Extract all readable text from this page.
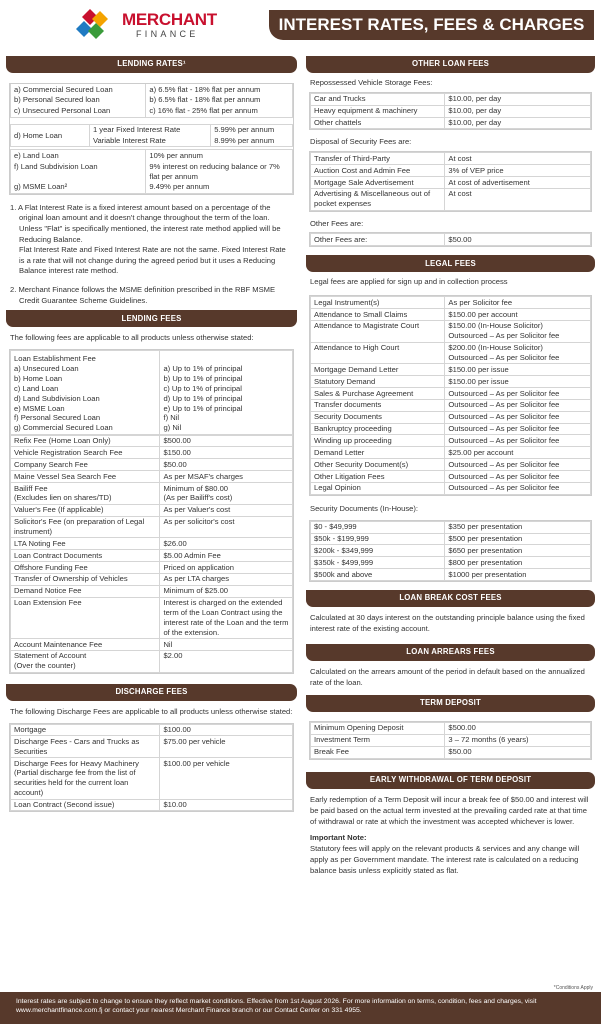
MERCHANT
FINANCE
INTEREST RATES, FEES & CHARGES
LENDING RATES¹
a) Commercial Secured Loan	a) 6.5% flat - 18% flat per annum
b) Personal Secured loan	b) 6.5% flat - 18% flat per annum
c) Unsecured Personal Loan	c) 16% flat - 25% flat per annum
d) Home Loan	1 year Fixed Interest Rate	5.99% per annum
	Variable Interest Rate	8.99% per annum
e) Land Loan	10% per annum
f) Land Subdivision Loan	9% interest on reducing balance or 7% flat per annum
g) MSME Loan²	9.49% per annum
1. A Flat Interest Rate is a fixed interest amount based on a percentage of the original loan amount and it doesn't change throughout the term of the loan. Unless "Flat" is specifically mentioned, the interest rate method applied will be Reducing Balance.
Flat Interest Rate and Fixed Interest Rate are not the same. Fixed Interest Rate is a rate that will not change during the agreed period but it uses a Reducing Balance interest rate method.
2. Merchant Finance follows the MSME definition prescribed in the RBF MSME Credit Guarantee Scheme Guidelines.
LENDING FEES
The following fees are applicable to all products unless otherwise stated:
Loan Establishment Fee
a) Unsecured Loan
b) Home Loan
c) Land Loan
d) Land Subdivision Loan
e) MSME Loan
f) Personal Secured Loan
g) Commercial Secured Loan

a) Up to 1% of principal
b) Up to 1% of principal
c) Up to 1% of principal
d) Up to 1% of principal
e) Up to 1% of principal
f) Nil
g) Nil
Refix Fee (Home Loan Only)	$500.00
Vehicle Registration Search Fee	$150.00
Company Search Fee	$50.00
Maine Vessel Sea Search Fee	As per MSAF's charges
Bailiff Fee
(Excludes lien on shares/TD)	Minimum of $80.00
(As per Bailiff's cost)
Valuer's Fee (If applicable)	As per Valuer's cost
Solicitor's Fee (on preparation of Legal instrument)	As per solicitor's cost
LTA Noting Fee	$26.00
Loan Contract Documents	$5.00 Admin Fee
Offshore Funding Fee	Priced on application
Transfer of Ownership of Vehicles	As per LTA charges
Demand Notice Fee	Minimum of $25.00
Loan Extension Fee	Interest is charged on the extended term of the Loan Contract using the interest rate of the Loan and the term of the extension.
Account Maintenance Fee	Nil
Statement of Account
(Over the counter)	$2.00
DISCHARGE FEES
The following Discharge Fees are applicable to all products unless otherwise stated:
Mortgage	$100.00
Discharge Fees - Cars and Trucks as Securities	$75.00 per vehicle
Discharge Fees for Heavy Machinery (Partial discharge fee from the list of securities held for the current loan account)	$100.00 per vehicle
Loan Contract (Second issue)	$10.00
OTHER LOAN FEES
Repossessed Vehicle Storage Fees:
Car and Trucks	$10.00, per day
Heavy equipment & machinery	$10.00, per day
Other chattels	$10.00, per day
Disposal of Security Fees are:
Transfer of Third-Party	At cost
Auction Cost and Admin Fee	3% of VEP price
Mortgage Sale Advertisement	At cost of advertisement
Advertising & Miscellaneous out of pocket expenses	At cost
Other Fees are:
Other Fees are:	$50.00
LEGAL FEES
Legal fees are applied for sign up and in collection process
Legal Instrument(s)	As per Solicitor fee
Attendance to Small Claims	$150.00 per account
Attendance to Magistrate Court	$150.00 (In-House Solicitor)
Outsourced – As per Solicitor fee
Attendance to High Court	$200.00 (In-House Solicitor)
Outsourced – As per Solicitor fee
Mortgage Demand Letter	$150.00 per issue
Statutory Demand	$150.00 per issue
Sales & Purchase Agreement	Outsourced – As per Solicitor fee
Transfer documents	Outsourced – As per Solicitor fee
Security Documents	Outsourced – As per Solicitor fee
Bankruptcy proceeding	Outsourced – As per Solicitor fee
Winding up proceeding	Outsourced – As per Solicitor fee
Demand Letter	$25.00 per account
Other Security Document(s)	Outsourced – As per Solicitor fee
Other Litigation Fees	Outsourced – As per Solicitor fee
Legal Opinion	Outsourced – As per Solicitor fee
Security Documents (In-House):
$0 - $49,999	$350 per presentation
$50k - $199,999	$500 per presentation
$200k - $349,999	$650 per presentation
$350k - $499,999	$800 per presentation
$500k and above	$1000 per presentation
LOAN BREAK COST FEES
Calculated at 30 days interest on the outstanding principle balance using the fixed interest rate of the existing account.
LOAN ARREARS FEES
Calculated on the arrears amount of the period in default based on the annualized rate of the loan.
TERM DEPOSIT
Minimum Opening Deposit	$500.00
Investment Term	3 – 72 months (6 years)
Break Fee	$50.00
EARLY WITHDRAWAL OF TERM DEPOSIT
Early redemption of a Term Deposit will incur a break fee of $50.00 and interest will be paid based on the actual term invested at the prevailing carded rate at that time of withdrawal or rate at which the investment was accepted whichever is lower.
Important Note:
Statutory fees will apply on the relevant products & services and any change will apply as per Government mandate. The interest rate is calculated on a reducing balance basis unless explicitly stated as flat.
*Conditions Apply
Interest rates are subject to change to ensure they reflect market conditions. Effective from 1st August 2026. For more information on terms, condition, fees and charges, visit www.merchantfinance.com.fj or contact your nearest Merchant Finance branch or our Contact Center on 331 4955.
